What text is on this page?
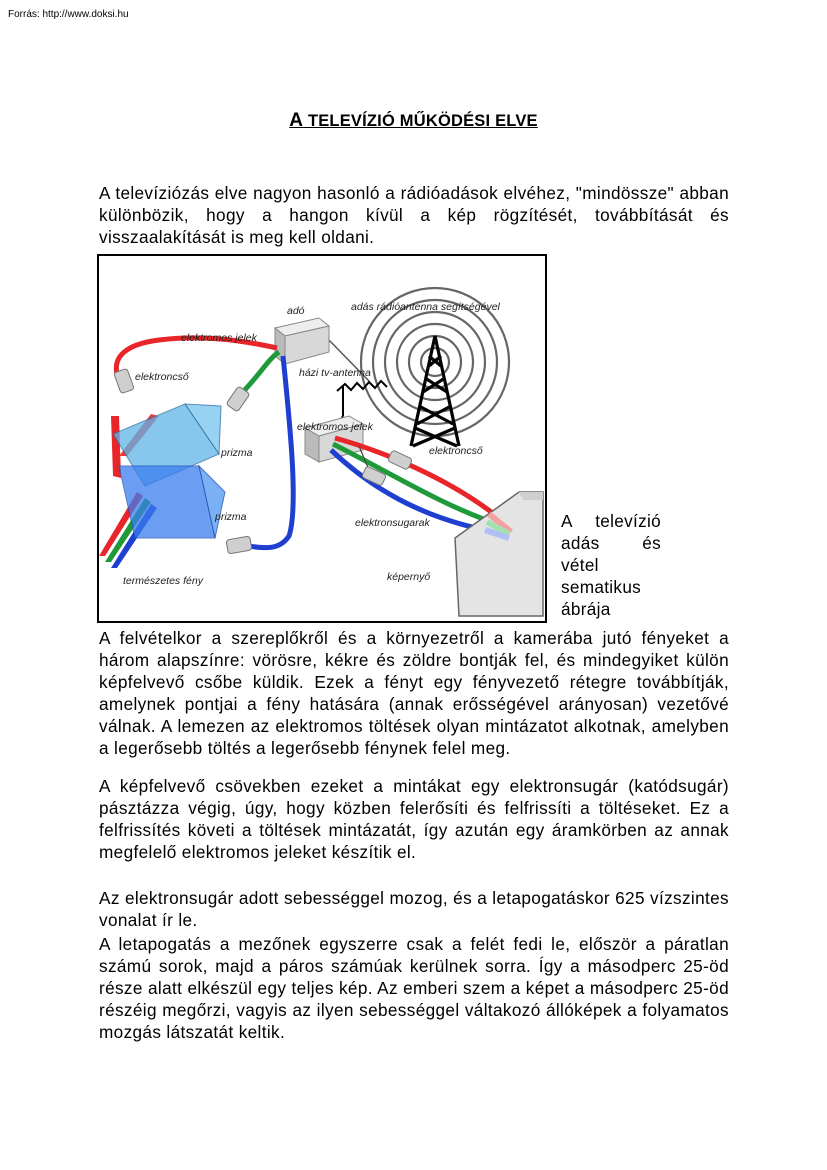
Forrás: http://www.doksi.hu
A TELEVÍZIÓ MŰKÖDÉSI ELVE

A televíziózás elve nagyon hasonló a rádióadások elvéhez, "mindössze" abban különbözik, hogy a hangon kívül a kép rögzítését, továbbítását és visszaalakítását is meg kell oldani.

adó	adás rádióantenna segítségével
elektromos jelek
elektroncső	házi tv-antenna
elektromos jelek
prizma	elektroncső
prizma	elektronsugarak
természetes fény	képernyő
A televízió adás és vétel sematikus ábrája

A felvételkor a szereplőkről és a környezetről a kamerába jutó fényeket a három alapszínre: vörösre, kékre és zöldre bontják fel, és mindegyiket külön képfelvevő csőbe küldik. Ezek a fényt egy fényvezető rétegre továbbítják, amelynek pontjai a fény hatására (annak erősségével arányosan) vezetővé válnak. A lemezen az elektromos töltések olyan mintázatot alkotnak, amelyben a legerősebb töltés a legerősebb fénynek felel meg.

A képfelvevő csövekben ezeket a mintákat egy elektronsugár (katódsugár) pásztázza végig, úgy, hogy közben felerősíti és felfrissíti a töltéseket. Ez a felfrissítés követi a töltések mintázatát, így azután egy áramkörben az annak megfelelő elektromos jeleket készítik el.

Az elektronsugár adott sebességgel mozog, és a letapogatáskor 625 vízszintes vonalat ír le.

A letapogatás a mezőnek egyszerre csak a felét fedi le, először a páratlan számú sorok, majd a páros számúak kerülnek sorra. Így a másodperc 25-öd része alatt elkészül egy teljes kép. Az emberi szem a képet a másodperc 25-öd részéig megőrzi, vagyis az ilyen sebességgel váltakozó állóképek a folyamatos mozgás látszatát keltik.
